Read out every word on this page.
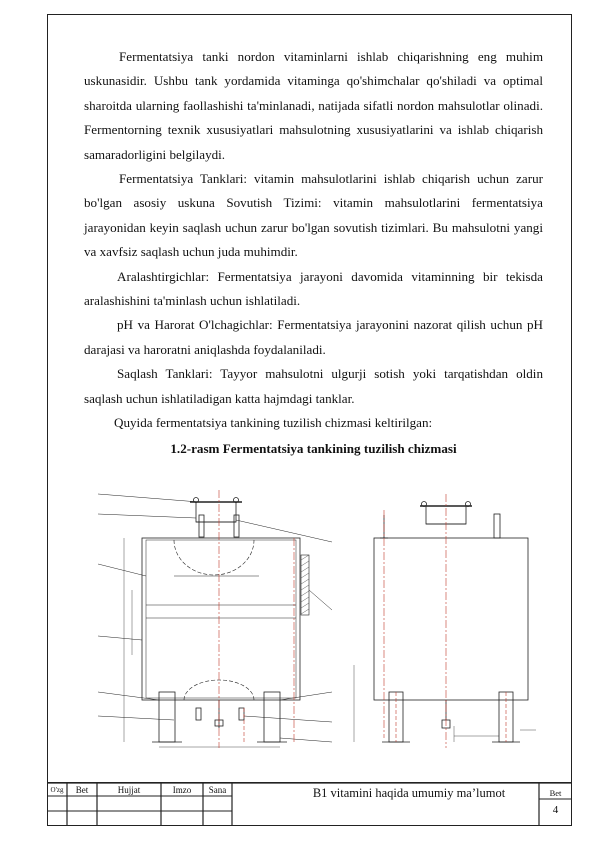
Fermentatsiya tanki nordon vitaminlarni ishlab chiqarishning eng muhim uskunasidir. Ushbu tank yordamida vitaminga qo'shimchalar qo'shiladi va optimal sharoitda ularning faollashishi ta'minlanadi, natijada sifatli nordon mahsulotlar olinadi. Fermentorning texnik xususiyatlari mahsulotning xususiyatlarini va ishlab chiqarish samaradorligini belgilaydi.

Fermentatsiya Tanklari: vitamin mahsulotlarini ishlab chiqarish uchun zarur bo'lgan asosiy uskuna Sovutish Tizimi: vitamin mahsulotlarini fermentatsiya jarayonidan keyin saqlash uchun zarur bo'lgan sovutish tizimlari. Bu mahsulotni yangi va xavfsiz saqlash uchun juda muhimdir.

Aralashtirgichlar: Fermentatsiya jarayoni davomida vitaminning bir tekisda aralashishini ta'minlash uchun ishlatiladi.

pH va Harorat O'lchagichlar: Fermentatsiya jarayonini nazorat qilish uchun pH darajasi va haroratni aniqlashda foydalaniladi.

Saqlash Tanklari: Tayyor mahsulotni ulgurji sotish yoki tarqatishdan oldin saqlash uchun ishlatiladigan katta hajmdagi tanklar.

Quyida fermentatsiya tankining tuzilish chizmasi keltirilgan:

1.2-rasm Fermentatsiya tankining tuzilish chizmasi

O'zg	Bet	Hujjat	Imzo	Sana	B1 vitamini haqida umumiy ma’lumot	Bet
4
